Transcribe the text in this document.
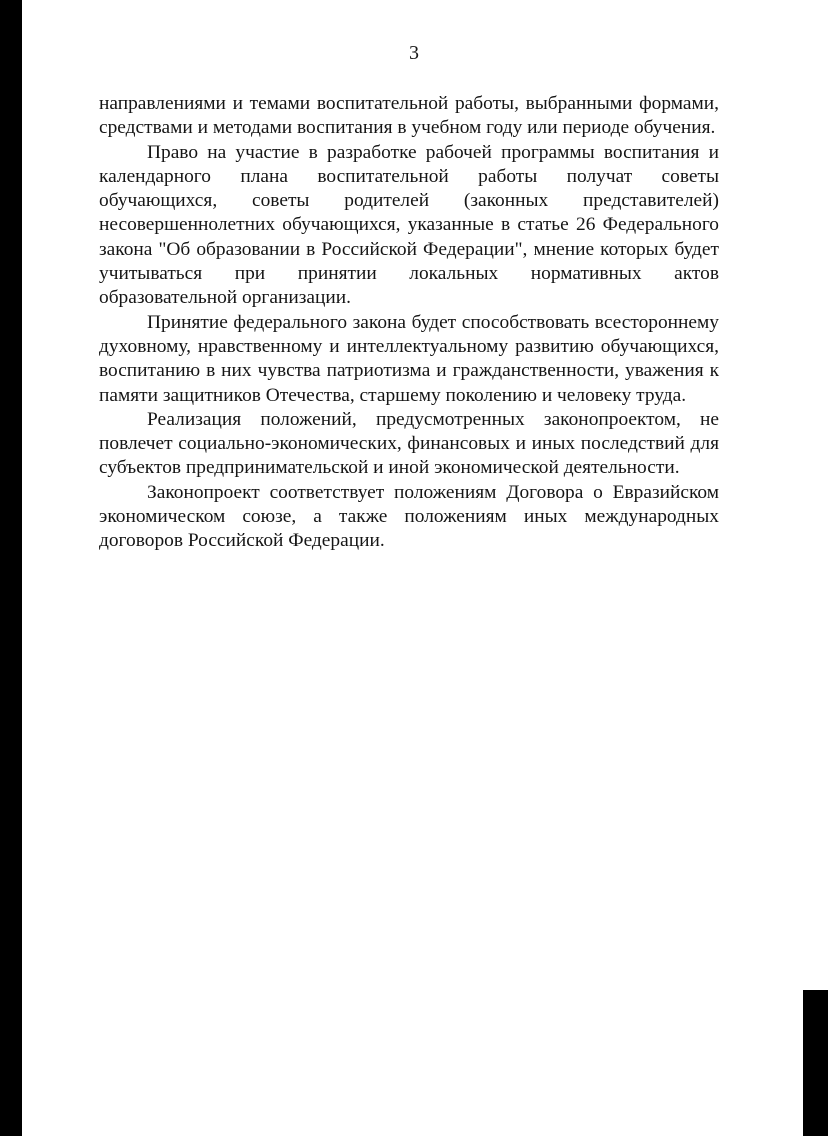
3

направлениями и темами воспитательной работы, выбранными формами, средствами и методами воспитания в учебном году или периоде обучения.

Право на участие в разработке рабочей программы воспитания и календарного плана воспитательной работы получат советы обучающихся, советы родителей (законных представителей) несовершеннолетних обучающихся, указанные в статье 26 Федерального закона "Об образовании в Российской Федерации", мнение которых будет учитываться при принятии локальных нормативных актов образовательной организации.

Принятие федерального закона будет способствовать всестороннему духовному, нравственному и интеллектуальному развитию обучающихся, воспитанию в них чувства патриотизма и гражданственности, уважения к памяти защитников Отечества, старшему поколению и человеку труда.

Реализация положений, предусмотренных законопроектом, не повлечет социально-экономических, финансовых и иных последствий для субъектов предпринимательской и иной экономической деятельности.

Законопроект соответствует положениям Договора о Евразийском экономическом союзе, а также положениям иных международных договоров Российской Федерации.
